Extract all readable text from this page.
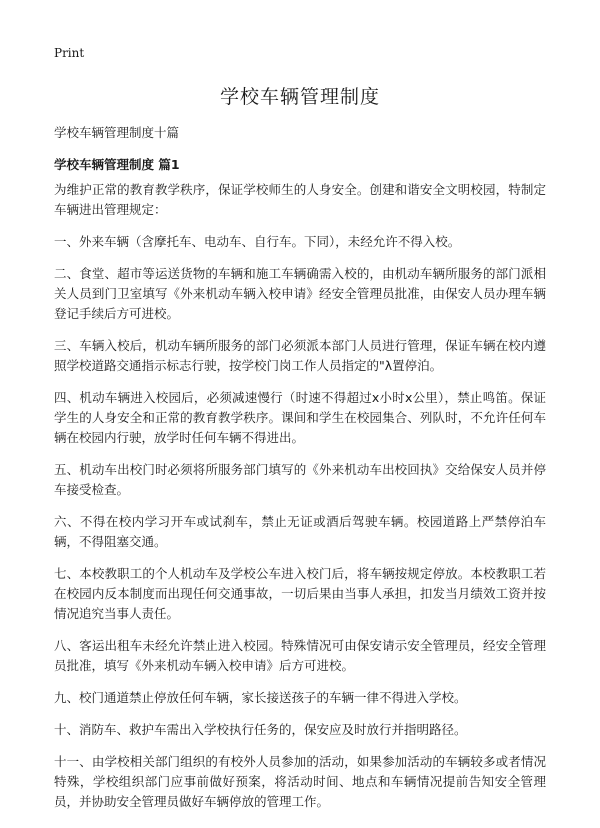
Print
学校车辆管理制度

学校车辆管理制度十篇

学校车辆管理制度 篇1

为维护正常的教育教学秩序，保证学校师生的人身安全。创建和谐安全文明校园，特制定车辆进出管理规定：

一、外来车辆（含摩托车、电动车、自行车。下同），未经允许不得入校。

二、食堂、超市等运送货物的车辆和施工车辆确需入校的，由机动车辆所服务的部门派相关人员到门卫室填写《外来机动车辆入校申请》经安全管理员批准，由保安人员办理车辆登记手续后方可进校。

三、车辆入校后，机动车辆所服务的部门必须派本部门人员进行管理，保证车辆在校内遵照学校道路交通指示标志行驶，按学校门岗工作人员指定的"λ置停泊。

四、机动车辆进入校园后，必须减速慢行（时速不得超过x小时x公里），禁止鸣笛。保证学生的人身安全和正常的教育教学秩序。课间和学生在校园集合、列队时，不允许任何车辆在校园内行驶，放学时任何车辆不得进出。

五、机动车出校门时必须将所服务部门填写的《外来机动车出校回执》交给保安人员并停车接受检查。

六、不得在校内学习开车或试刹车，禁止无证或酒后驾驶车辆。校园道路上严禁停泊车辆，不得阻塞交通。

七、本校教职工的个人机动车及学校公车进入校门后，将车辆按规定停放。本校教职工若在校园内反本制度而出现任何交通事故，一切后果由当事人承担，扣发当月绩效工资并按情况追究当事人责任。

八、客运出租车未经允许禁止进入校园。特殊情况可由保安请示安全管理员，经安全管理员批准，填写《外来机动车辆入校申请》后方可进校。

九、校门通道禁止停放任何车辆，家长接送孩子的车辆一律不得进入学校。

十、消防车、救护车需出入学校执行任务的，保安应及时放行并指明路径。

十一、由学校相关部门组织的有校外人员参加的活动，如果参加活动的车辆较多或者情况特殊，学校组织部门应事前做好预案，将活动时间、地点和车辆情况提前告知安全管理员，并协助安全管理员做好车辆停放的管理工作。
